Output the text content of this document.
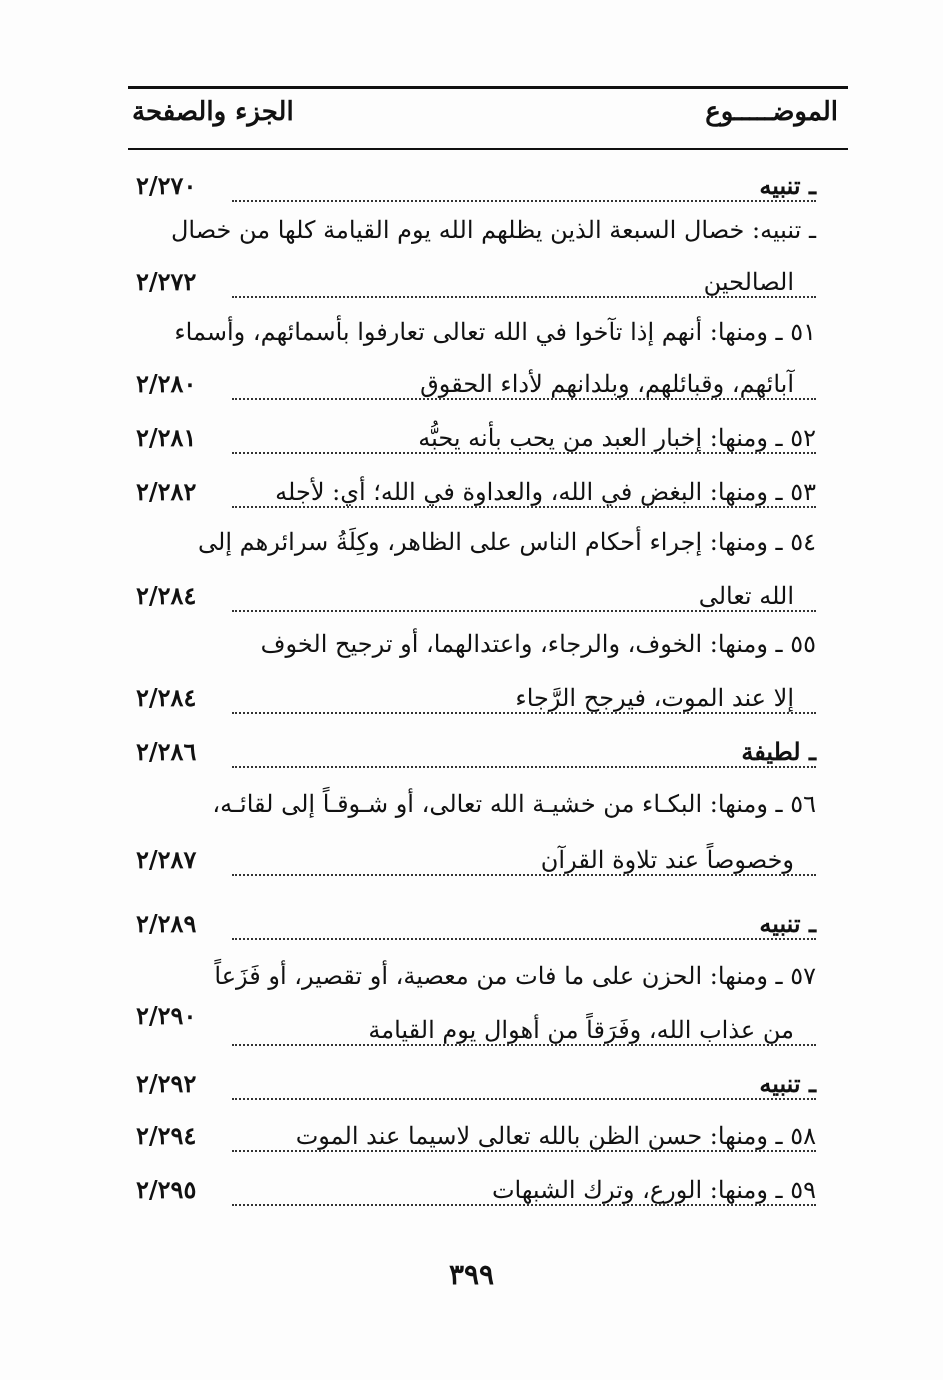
الموضـــــوع
الجزء والصفحة
ـ تنبيه
٢/٢٧٠
ـ تنبيه: خصال السبعة الذين يظلهم الله يوم القيامة كلها من خصال
الصالحين
٢/٢٧٢
٥١ ـ ومنها: أنهم إذا تآخوا في الله تعالى تعارفوا بأسمائهم، وأسماء
آبائهم، وقبائلهم، وبلدانهم لأداء الحقوق
٢/٢٨٠
٥٢ ـ ومنها: إخبار العبد من يحب بأنه يحبُّه
٢/٢٨١
٥٣ ـ ومنها: البغض في الله، والعداوة في الله؛ أي: لأجله
٢/٢٨٢
٥٤ ـ ومنها: إجراء أحكام الناس على الظاهر، وكِلَةُ سرائرهم إلى
الله تعالى
٢/٢٨٤
٥٥ ـ ومنها: الخوف، والرجاء، واعتدالهما، أو ترجيح الخوف
إلا عند الموت، فيرجح الرَّجاء
٢/٢٨٤
ـ لطيفة
٢/٢٨٦
٥٦ ـ ومنها: البكـاء من خشيـة الله تعالى، أو شـوقـاً إلى لقائـه،
وخصوصاً عند تلاوة القرآن
٢/٢٨٧
ـ تنبيه
٢/٢٨٩
٥٧ ـ ومنها: الحزن على ما فات من معصية، أو تقصير، أو فَزَعاً
من عذاب الله، وفَرَقاً من أهوال يوم القيامة
٢/٢٩٠
ـ تنبيه
٢/٢٩٢
٥٨ ـ ومنها: حسن الظن بالله تعالى لاسيما عند الموت
٢/٢٩٤
٥٩ ـ ومنها: الورع، وترك الشبهات
٢/٢٩٥
٣٩٩
